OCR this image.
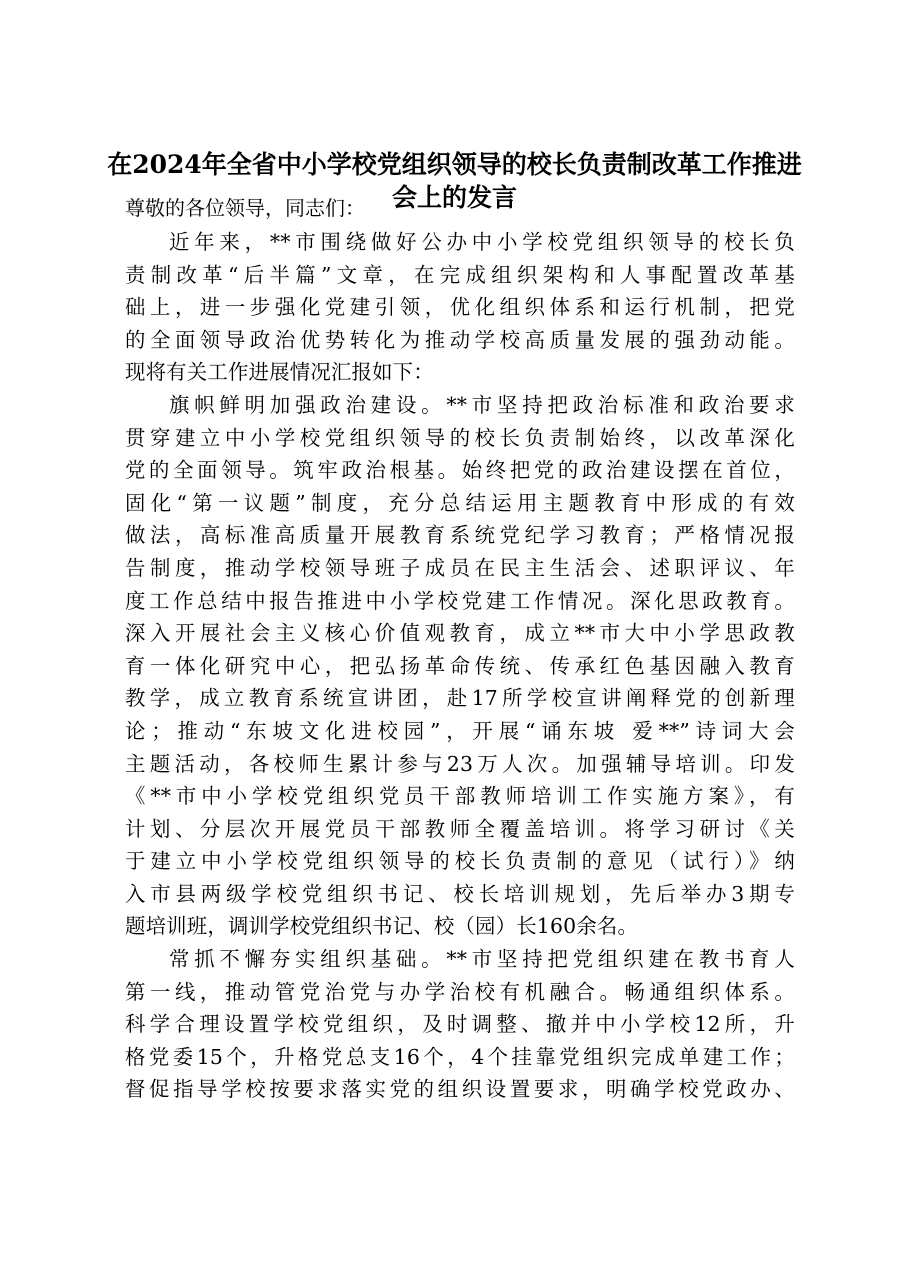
在2024年全省中小学校党组织领导的校长负责制改革工作推进会上的发言

尊敬的各位领导，同志们：

近年来，**市围绕做好公办中小学校党组织领导的校长负
责制改革“后半篇”文章，在完成组织架构和人事配置改革基
础上，进一步强化党建引领，优化组织体系和运行机制，把党
的全面领导政治优势转化为推动学校高质量发展的强劲动能。
现将有关工作进展情况汇报如下：
旗帜鲜明加强政治建设。**市坚持把政治标准和政治要求
贯穿建立中小学校党组织领导的校长负责制始终，以改革深化
党的全面领导。筑牢政治根基。始终把党的政治建设摆在首位，
固化“第一议题”制度，充分总结运用主题教育中形成的有效
做法，高标准高质量开展教育系统党纪学习教育；严格情况报
告制度，推动学校领导班子成员在民主生活会、述职评议、年
度工作总结中报告推进中小学校党建工作情况。深化思政教育。
深入开展社会主义核心价值观教育，成立**市大中小学思政教
育一体化研究中心，把弘扬革命传统、传承红色基因融入教育
教学，成立教育系统宣讲团，赴17所学校宣讲阐释党的创新理
论；推动“东坡文化进校园”，开展“诵东坡 爱**”诗词大会
主题活动，各校师生累计参与23万人次。加强辅导培训。印发
《**市中小学校党组织党员干部教师培训工作实施方案》，有
计划、分层次开展党员干部教师全覆盖培训。将学习研讨《关
于建立中小学校党组织领导的校长负责制的意见（试行）》纳
入市县两级学校党组织书记、校长培训规划，先后举办3期专
题培训班，调训学校党组织书记、校（园）长160余名。
常抓不懈夯实组织基础。**市坚持把党组织建在教书育人
第一线，推动管党治党与办学治校有机融合。畅通组织体系。
科学合理设置学校党组织，及时调整、撤并中小学校12所，升
格党委15个，升格党总支16个，4个挂靠党组织完成单建工作；
督促指导学校按要求落实党的组织设置要求，明确学校党政办、
